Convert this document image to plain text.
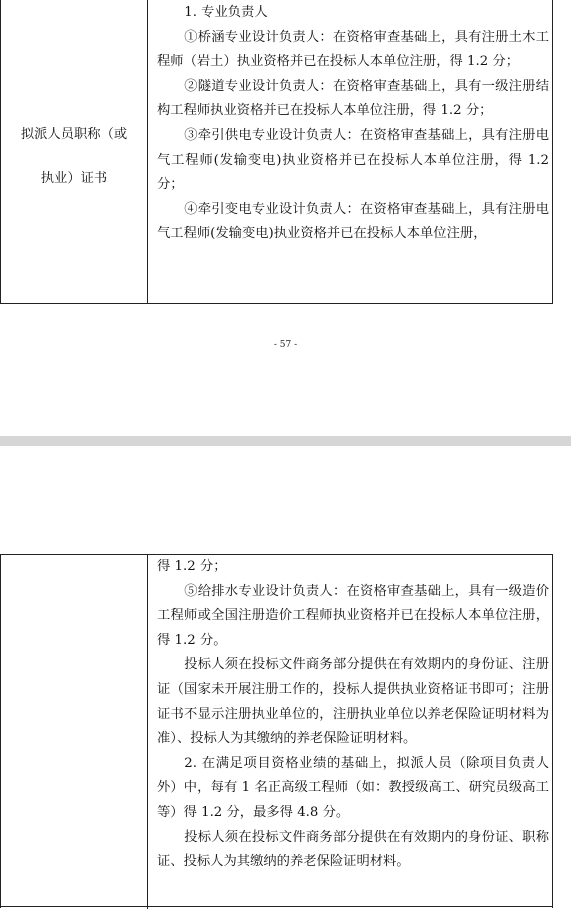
拟派人员职称（或
执业）证书

1. 专业负责人

①桥涵专业设计负责人：在资格审查基础上，具有注册土木工程师（岩土）执业资格并已在投标人本单位注册，得 1.2 分；

②隧道专业设计负责人：在资格审查基础上，具有一级注册结构工程师执业资格并已在投标人本单位注册，得 1.2 分；

③牵引供电专业设计负责人：在资格审查基础上，具有注册电气工程师(发输变电)执业资格并已在投标人本单位注册，得 1.2 分；

④牵引变电专业设计负责人：在资格审查基础上，具有注册电气工程师(发输变电)执业资格并已在投标人本单位注册，

- 57 -

得 1.2 分；

⑤给排水专业设计负责人：在资格审查基础上，具有一级造价工程师或全国注册造价工程师执业资格并已在投标人本单位注册，得 1.2 分。

投标人须在投标文件商务部分提供在有效期内的身份证、注册证（国家未开展注册工作的，投标人提供执业资格证书即可；注册证书不显示注册执业单位的，注册执业单位以养老保险证明材料为准）、投标人为其缴纳的养老保险证明材料。

2. 在满足项目资格业绩的基础上，拟派人员（除项目负责人外）中，每有 1 名正高级工程师（如：教授级高工、研究员级高工等）得 1.2 分，最多得 4.8 分。

投标人须在投标文件商务部分提供在有效期内的身份证、职称证、投标人为其缴纳的养老保险证明材料。
